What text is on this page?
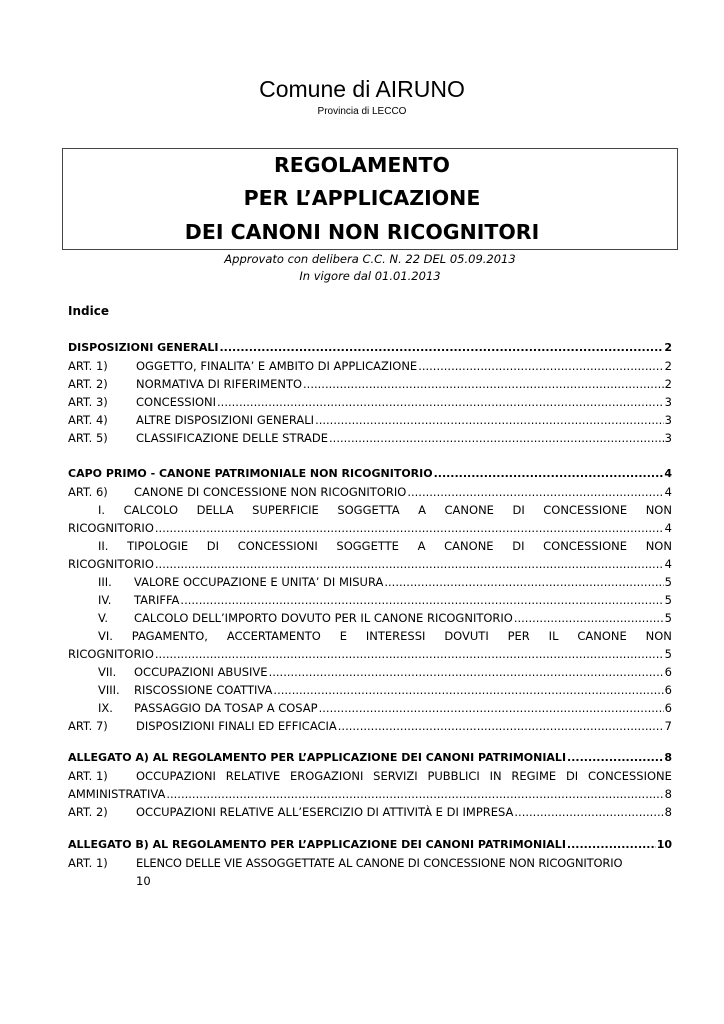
Comune di AIRUNO
Provincia di LECCO
REGOLAMENTO
PER L’APPLICAZIONE
DEI CANONI NON RICOGNITORI
Approvato con delibera C.C. N. 22 DEL 05.09.2013
In vigore dal 01.01.2013
Indice
DISPOSIZIONI GENERALI .....	2
ART. 1)	OGGETTO, FINALITA’ E AMBITO DI APPLICAZIONE .....	2
ART. 2)	NORMATIVA DI RIFERIMENTO .....	2
ART. 3)	CONCESSIONI .....	3
ART. 4)	ALTRE DISPOSIZIONI GENERALI .....	3
ART. 5)	CLASSIFICAZIONE DELLE STRADE .....	3
CAPO PRIMO - CANONE PATRIMONIALE NON RICOGNITORIO .....	4
ART. 6)	CANONE DI CONCESSIONE NON RICOGNITORIO .....	4
I. CALCOLO DELLA SUPERFICIE SOGGETTA A CANONE DI CONCESSIONE NON
RICOGNITORIO .....	4
II. TIPOLOGIE DI CONCESSIONI SOGGETTE A CANONE DI CONCESSIONE NON
RICOGNITORIO .....	4
III.	VALORE OCCUPAZIONE E UNITA’ DI MISURA .....	5
IV.	TARIFFA .....	5
V.	CALCOLO DELL’IMPORTO DOVUTO PER IL CANONE RICOGNITORIO .....	5
VI. PAGAMENTO, ACCERTAMENTO E INTERESSI DOVUTI PER IL CANONE NON
RICOGNITORIO .....	5
VII.	OCCUPAZIONI ABUSIVE .....	6
VIII.	RISCOSSIONE COATTIVA .....	6
IX.	PASSAGGIO DA TOSAP A COSAP .....	6
ART. 7)	DISPOSIZIONI FINALI ED EFFICACIA .....	7
ALLEGATO A) AL REGOLAMENTO PER L’APPLICAZIONE DEI CANONI PATRIMONIALI .....	8
ART. 1)	OCCUPAZIONI RELATIVE EROGAZIONI SERVIZI PUBBLICI IN REGIME DI CONCESSIONE
AMMINISTRATIVA .....	8
ART. 2)	OCCUPAZIONI RELATIVE ALL’ESERCIZIO DI ATTIVITÀ E DI IMPRESA .....	8
ALLEGATO B) AL REGOLAMENTO PER L’APPLICAZIONE DEI CANONI PATRIMONIALI .....	10
ART. 1)	ELENCO DELLE VIE ASSOGGETTATE AL CANONE DI CONCESSIONE NON RICOGNITORIO
10
